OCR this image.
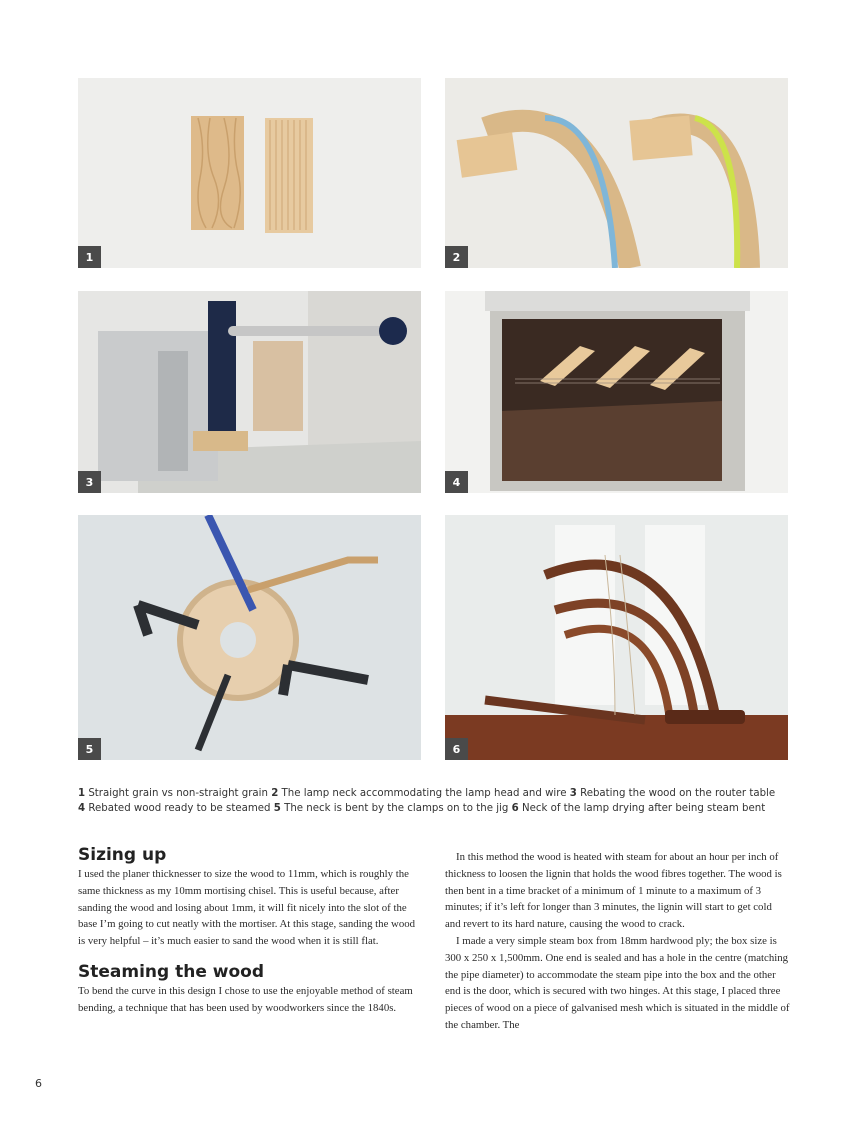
1	2
3	4
5	6
1 Straight grain vs non-straight grain 2 The lamp neck accommodating the lamp head and wire 3 Rebating the wood on the router table
4 Rebated wood ready to be steamed 5 The neck is bent by the clamps on to the jig 6 Neck of the lamp drying after being steam bent
Sizing up

I used the planer thicknesser to size the wood to 11mm, which is roughly the same thickness as my 10mm mortising chisel. This is useful because, after sanding the wood and losing about 1mm, it will fit nicely into the slot of the base I’m going to cut neatly with the mortiser. At this stage, sanding the wood is very helpful – it’s much easier to sand the wood when it is still flat.

Steaming the wood

To bend the curve in this design I chose to use the enjoyable method of steam bending, a technique that has been used by woodworkers since the 1840s.

In this method the wood is heated with steam for about an hour per inch of thickness to loosen the lignin that holds the wood fibres together. The wood is then bent in a time bracket of a minimum of 1 minute to a maximum of 3 minutes; if it’s left for longer than 3 minutes, the lignin will start to get cold and revert to its hard nature, causing the wood to crack.

I made a very simple steam box from 18mm hardwood ply; the box size is 300 x 250 x 1,500mm. One end is sealed and has a hole in the centre (matching the pipe diameter) to accommodate the steam pipe into the box and the other end is the door, which is secured with two hinges. At this stage, I placed three pieces of wood on a piece of galvanised mesh which is situated in the middle of the chamber. The

6
